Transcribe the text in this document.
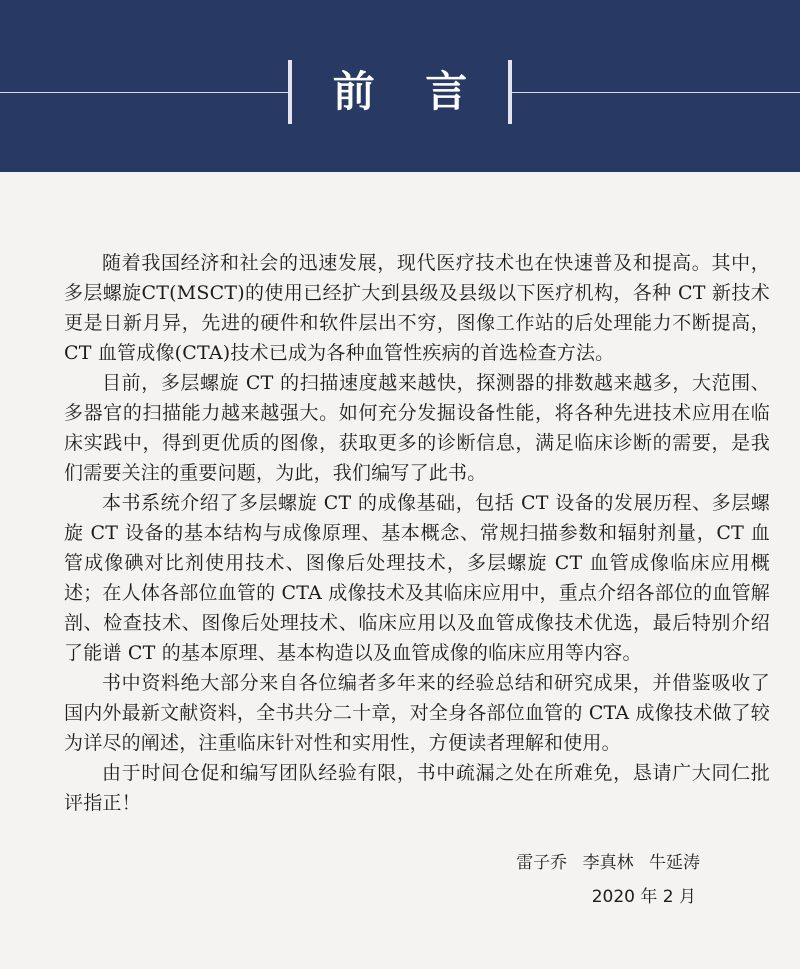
前 言

随着我国经济和社会的迅速发展，现代医疗技术也在快速普及和提高。其中，多层螺旋CT(MSCT)的使用已经扩大到县级及县级以下医疗机构，各种 CT 新技术更是日新月异，先进的硬件和软件层出不穷，图像工作站的后处理能力不断提高，CT 血管成像(CTA)技术已成为各种血管性疾病的首选检查方法。

目前，多层螺旋 CT 的扫描速度越来越快，探测器的排数越来越多，大范围、多器官的扫描能力越来越强大。如何充分发掘设备性能，将各种先进技术应用在临床实践中，得到更优质的图像，获取更多的诊断信息，满足临床诊断的需要，是我们需要关注的重要问题，为此，我们编写了此书。

本书系统介绍了多层螺旋 CT 的成像基础，包括 CT 设备的发展历程、多层螺旋 CT 设备的基本结构与成像原理、基本概念、常规扫描参数和辐射剂量，CT 血管成像碘对比剂使用技术、图像后处理技术，多层螺旋 CT 血管成像临床应用概述；在人体各部位血管的 CTA 成像技术及其临床应用中，重点介绍各部位的血管解剖、检查技术、图像后处理技术、临床应用以及血管成像技术优选，最后特别介绍了能谱 CT 的基本原理、基本构造以及血管成像的临床应用等内容。

书中资料绝大部分来自各位编者多年来的经验总结和研究成果，并借鉴吸收了国内外最新文献资料，全书共分二十章，对全身各部位血管的 CTA 成像技术做了较为详尽的阐述，注重临床针对性和实用性，方便读者理解和使用。

由于时间仓促和编写团队经验有限，书中疏漏之处在所难免，恳请广大同仁批评指正！

雷子乔 李真林 牛延涛
2020 年 2 月
